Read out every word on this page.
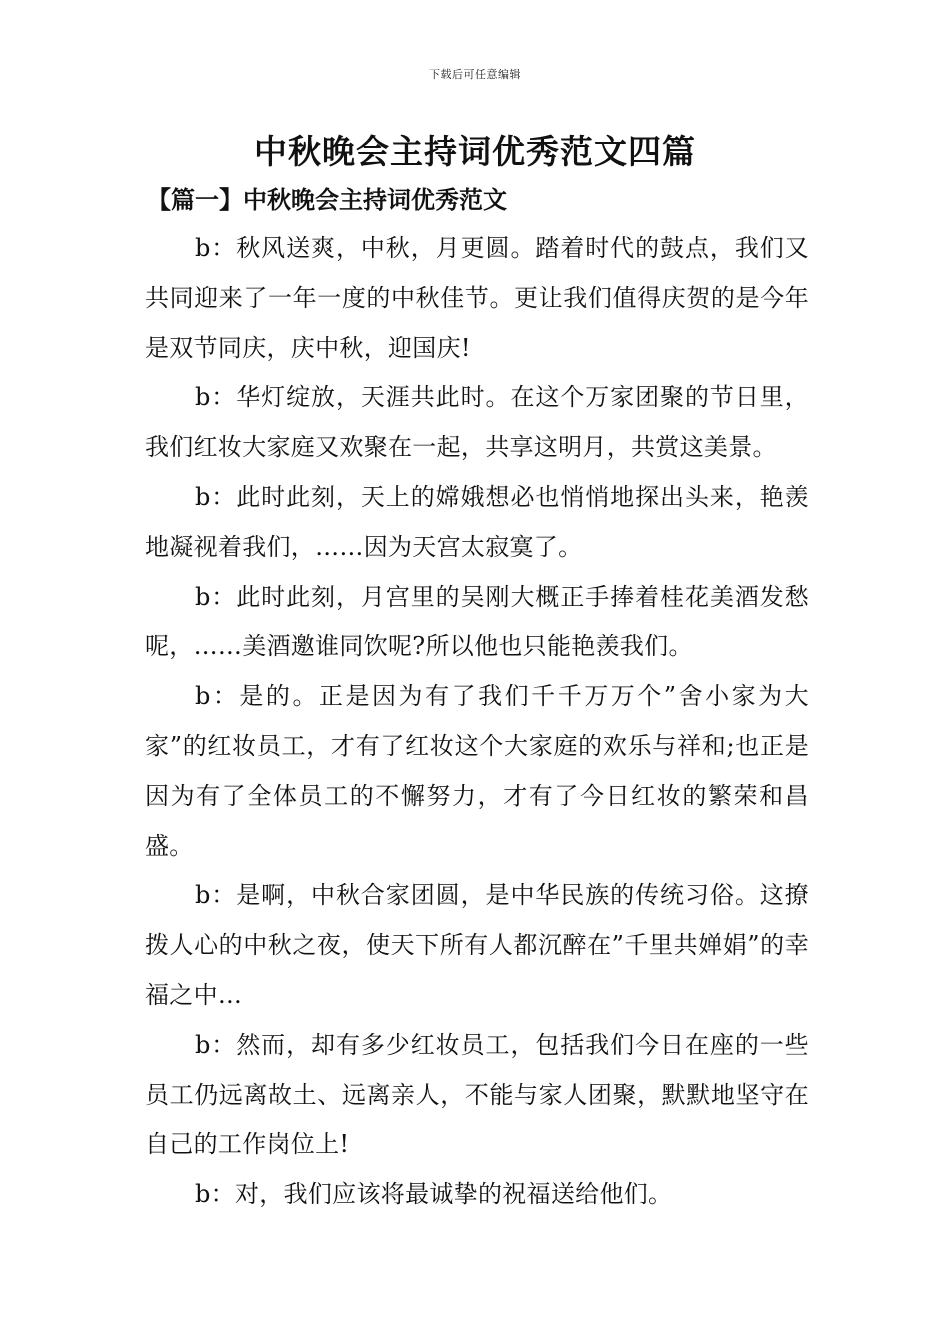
下载后可任意编辑
中秋晚会主持词优秀范文四篇
【篇一】中秋晚会主持词优秀范文

b：秋风送爽，中秋，月更圆。踏着时代的鼓点，我们又共同迎来了一年一度的中秋佳节。更让我们值得庆贺的是今年是双节同庆，庆中秋，迎国庆!

b：华灯绽放，天涯共此时。在这个万家团聚的节日里，我们红妆大家庭又欢聚在一起，共享这明月，共赏这美景。

b：此时此刻，天上的嫦娥想必也悄悄地探出头来，艳羡地凝视着我们，……因为天宫太寂寞了。

b：此时此刻，月宫里的吴刚大概正手捧着桂花美酒发愁呢，……美酒邀谁同饮呢?所以他也只能艳羡我们。

b：是的。正是因为有了我们千千万万个”舍小家为大家”的红妆员工，才有了红妆这个大家庭的欢乐与祥和;也正是因为有了全体员工的不懈努力，才有了今日红妆的繁荣和昌盛。

b：是啊，中秋合家团圆，是中华民族的传统习俗。这撩拨人心的中秋之夜，使天下所有人都沉醉在”千里共婵娟”的幸福之中…

b：然而，却有多少红妆员工，包括我们今日在座的一些员工仍远离故土、远离亲人，不能与家人团聚，默默地坚守在自己的工作岗位上!

b：对，我们应该将最诚挚的祝福送给他们。
